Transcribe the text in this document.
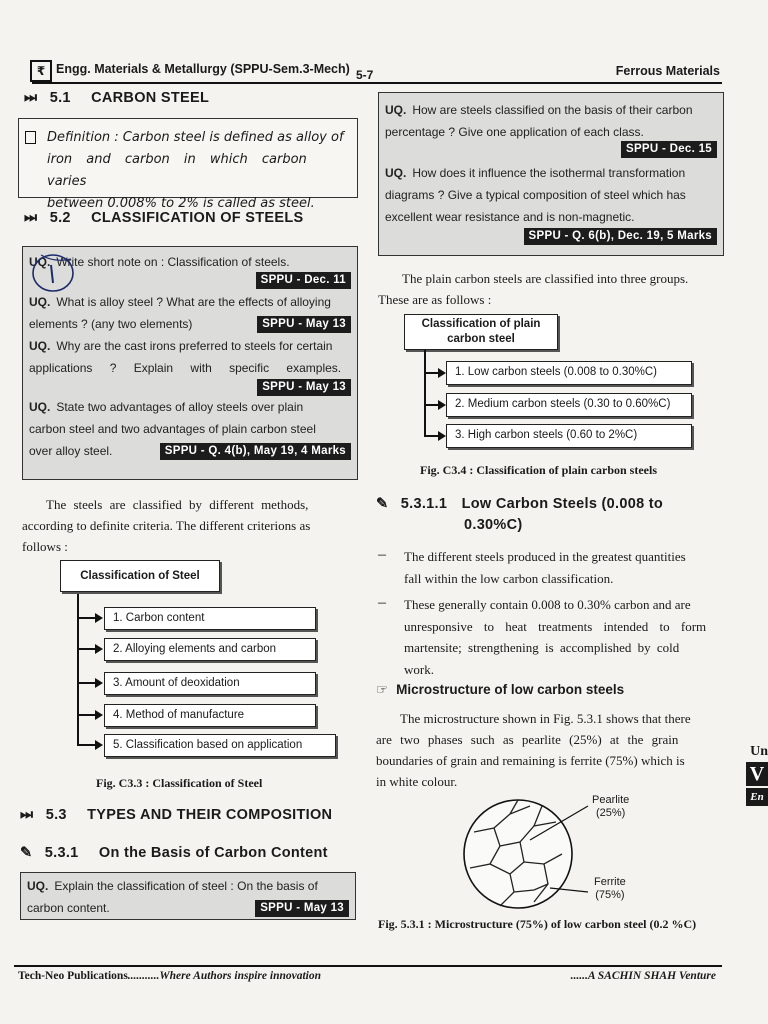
₹ Engg. Materials & Metallurgy (SPPU-Sem.3-Mech) 5-7	Ferrous Materials
⏭ 5.1 CARBON STEEL
Definition : Carbon steel is defined as alloy of
iron and carbon in which carbon varies
between 0.008% to 2% is called as steel.
⏭ 5.2 CLASSIFICATION OF STEELS
UQ. Write short note on : Classification of steels.
SPPU - Dec. 11
UQ. What is alloy steel ? What are the effects of alloying
elements ? (any two elements)	SPPU - May 13
UQ. Why are the cast irons preferred to steels for certain
applications ? Explain with specific examples.
SPPU - May 13
UQ. State two advantages of alloy steels over plain
carbon steel and two advantages of plain carbon steel
over alloy steel.	SPPU - Q. 4(b), May 19, 4 Marks
The steels are classified by different methods,
according to definite criteria. The different criterions as
follows :
Classification of Steel
1. Carbon content
2. Alloying elements and carbon
3. Amount of deoxidation
4. Method of manufacture
5. Classification based on application
Fig. C3.3 : Classification of Steel
⏭ 5.3 TYPES AND THEIR COMPOSITION
✎ 5.3.1 On the Basis of Carbon Content
UQ. Explain the classification of steel : On the basis of
carbon content.	SPPU - May 13
UQ. How are steels classified on the basis of their carbon
percentage ? Give one application of each class.
SPPU - Dec. 15
UQ. How does it influence the isothermal transformation
diagrams ? Give a typical composition of steel which has
excellent wear resistance and is non-magnetic.
SPPU - Q. 6(b), Dec. 19, 5 Marks
The plain carbon steels are classified into three groups.
These are as follows :
Classification of plain
carbon steel
1. Low carbon steels (0.008 to 0.30%C)
2. Medium carbon steels (0.30 to 0.60%C)
3. High carbon steels (0.60 to 2%C)
Fig. C3.4 : Classification of plain carbon steels
✎ 5.3.1.1 Low Carbon Steels (0.008 to
0.30%C)
– The different steels produced in the greatest quantities
fall within the low carbon classification.
– These generally contain 0.008 to 0.30% carbon and are
unresponsive to heat treatments intended to form
martensite; strengthening is accomplished by cold
work.
☞ Microstructure of low carbon steels
The microstructure shown in Fig. 5.3.1 shows that there
are two phases such as pearlite (25%) at the grain
boundaries of grain and remaining is ferrite (75%) which is
in white colour.
Pearlite
(25%)
Ferrite
(75%)
Fig. 5.3.1 : Microstructure (75%) of low carbon steel (0.2 %C)
Un
V
En
Tech-Neo Publications...........Where Authors inspire innovation	......A SACHIN SHAH Venture
